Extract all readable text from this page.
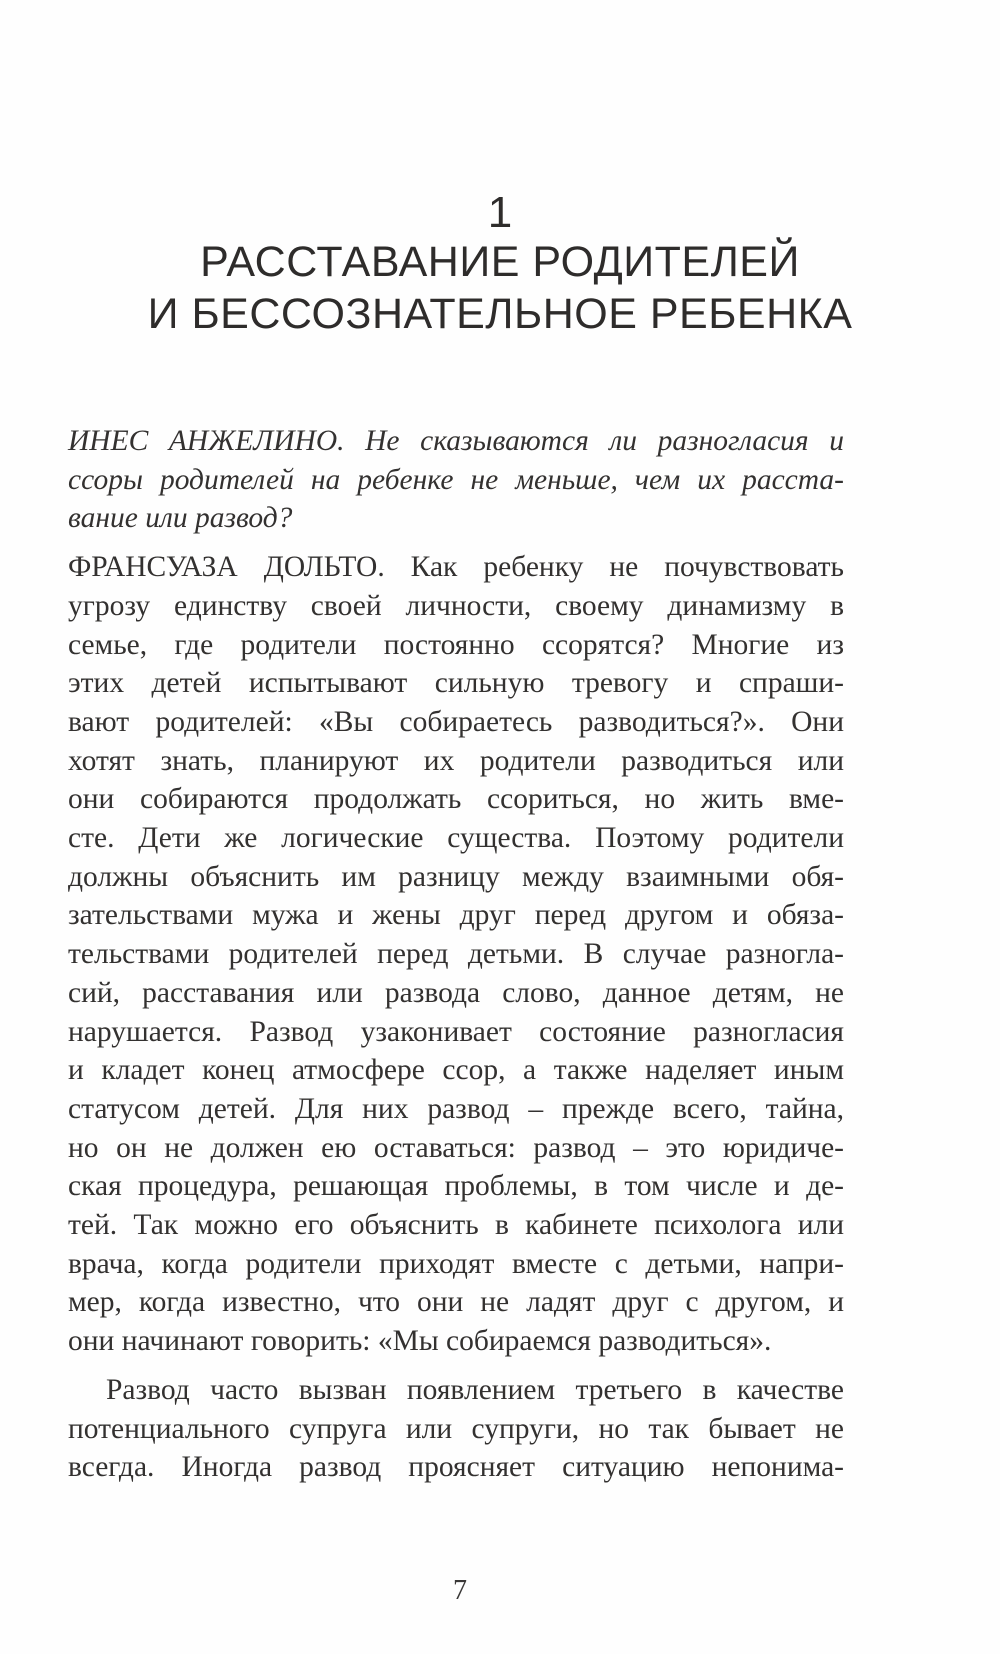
1
РАССТАВАНИЕ РОДИТЕЛЕЙ
И БЕССОЗНАТЕЛЬНОЕ РЕБЕНКА

ИНЕС АНЖЕЛИНО. Не сказываются ли разногласия и
ссоры родителей на ребенке не меньше, чем их расста-
вание или развод?

ФРАНСУАЗА ДОЛЬТО. Как ребенку не почувствовать
угрозу единству своей личности, своему динамизму в
семье, где родители постоянно ссорятся? Многие из
этих детей испытывают сильную тревогу и спраши-
вают родителей: «Вы собираетесь разводиться?». Они
хотят знать, планируют их родители разводиться или
они собираются продолжать ссориться, но жить вме-
сте. Дети же логические существа. Поэтому родители
должны объяснить им разницу между взаимными обя-
зательствами мужа и жены друг перед другом и обяза-
тельствами родителей перед детьми. В случае разногла-
сий, расставания или развода слово, данное детям, не
нарушается. Развод узаконивает состояние разногласия
и кладет конец атмосфере ссор, а также наделяет иным
статусом детей. Для них развод – прежде всего, тайна,
но он не должен ею оставаться: развод – это юридиче-
ская процедура, решающая проблемы, в том числе и де-
тей. Так можно его объяснить в кабинете психолога или
врача, когда родители приходят вместе с детьми, напри-
мер, когда известно, что они не ладят друг с другом, и
они начинают говорить: «Мы собираемся разводиться».

Развод часто вызван появлением третьего в качестве
потенциального супруга или супруги, но так бывает не
всегда. Иногда развод проясняет ситуацию непонима-

7
